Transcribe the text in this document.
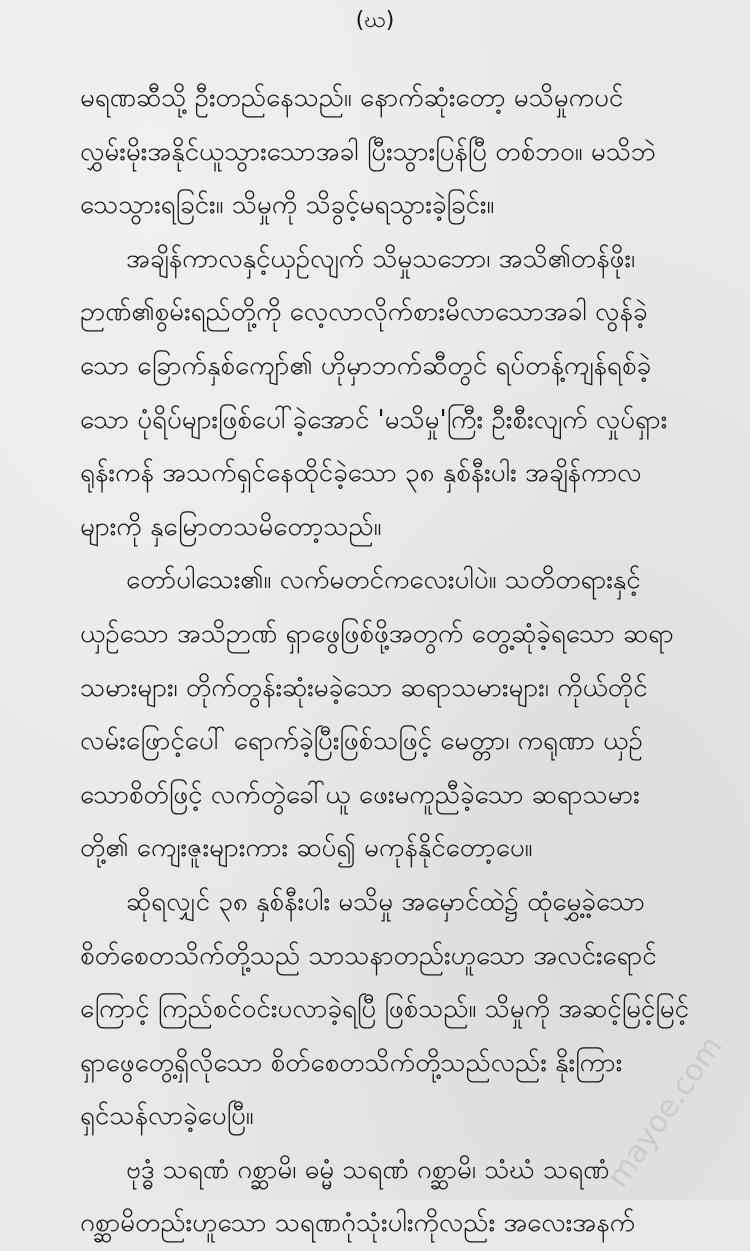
(ဃ)
မရဏဆီသို့ ဦးတည်နေသည်။ နောက်ဆုံးတော့ မသိမှုကပင်
လွှမ်းမိုးအနိုင်ယူသွားသောအခါ ပြီးသွားပြန်ပြီ တစ်ဘဝ။ မသိဘဲ
သေသွားရခြင်း။ သိမှုကို သိခွင့်မရသွားခဲ့ခြင်း။
အချိန်ကာလနှင့်ယှဉ်လျက် သိမှုသဘော၊ အသိ၏တန်ဖိုး၊
ဉာဏ်၏စွမ်းရည်တို့ကို လေ့လာလိုက်စားမိလာသောအခါ လွန်ခဲ့
သော ခြောက်နှစ်ကျော်၏ ဟိုမှာဘက်ဆီတွင် ရပ်တန့်ကျန်ရစ်ခဲ့
သော ပုံရိပ်များဖြစ်ပေါ်ခဲ့အောင် 'မသိမှု'ကြီး ဦးစီးလျက် လှုပ်ရှား
ရုန်းကန် အသက်ရှင်နေထိုင်ခဲ့သော ၃၈ နှစ်နီးပါး အချိန်ကာလ
များကို နှမြောတသမိတော့သည်။
တော်ပါသေး၏။ လက်မတင်ကလေးပါပဲ။ သတိတရားနှင့်
ယှဉ်သော အသိဉာဏ် ရှာဖွေဖြစ်ဖို့အတွက် တွေ့ဆုံခဲ့ရသော ဆရာ
သမားများ၊ တိုက်တွန်းဆုံးမခဲ့သော ဆရာသမားများ၊ ကိုယ်တိုင်
လမ်းဖြောင့်ပေါ် ရောက်ခဲ့ပြီးဖြစ်သဖြင့် မေတ္တာ၊ ကရုဏာ ယှဉ်
သောစိတ်ဖြင့် လက်တွဲခေါ်ယူ ဖေးမကူညီခဲ့သော ဆရာသမား
တို့၏ ကျေးဇူးများကား ဆပ်၍ မကုန်နိုင်တော့ပေ။
ဆိုရလျှင် ၃၈ နှစ်နီးပါး မသိမှု အမှောင်ထဲ၌ ထုံမွှေ့ခဲ့သော
စိတ်စေတသိက်တို့သည် သာသနာတည်းဟူသော အလင်းရောင်
ကြောင့် ကြည်စင်ဝင်းပလာခဲ့ရပြီ ဖြစ်သည်။ သိမှုကို အဆင့်မြင့်မြင့်
ရှာဖွေတွေ့ရှိလိုသော စိတ်စေတသိက်တို့သည်လည်း နိုးကြား
ရှင်သန်လာခဲ့ပေပြီ။
ဗုဒ္ဓံ သရဏံ ဂစ္ဆာမိ၊ ဓမ္မံ သရဏံ ဂစ္ဆာမိ၊ သံဃံ သရဏံ
ဂစ္ဆာမိတည်းဟူသော သရဏဂုံသုံးပါးကိုလည်း အလေးအနက်
mayoe.com
